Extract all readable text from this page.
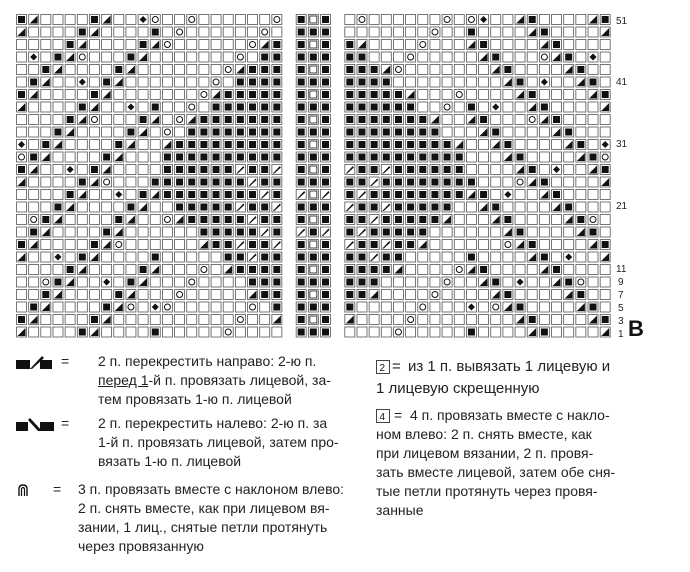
51
41
31
21
11
9
7
5
3
1 B
= 2 п. перекрестить направо: 2-ю п.
перед 1-й п. провязать лицевой, за-
тем провязать 1-ю п. лицевой
= 2 п. перекрестить налево: 2-ю п. за
1-й п. провязать лицевой, затем про-
вязать 1-ю п. лицевой
= 3 п. провязать вместе с наклоном влево:
2 п. снять вместе, как при лицевом вя-
зании, 1 лиц., снятые петли протянуть
через провязанную
2 = из 1 п. вывязать 1 лицевую и
1 лицевую скрещенную
4 = 4 п. провязать вместе с накло-
ном влево: 2 п. снять вместе, как
при лицевом вязании, 2 п. провя-
зать вместе лицевой, затем обе сня-
тые петли протянуть через провя-
занные
